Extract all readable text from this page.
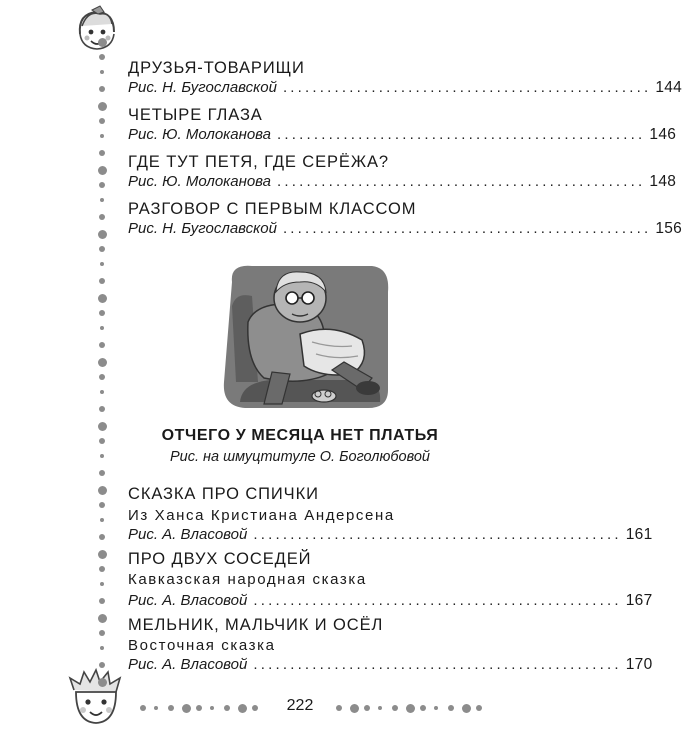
ДРУЗЬЯ-ТОВАРИЩИ
Рис. Н. Бугославской .................................................. 144
ЧЕТЫРЕ ГЛАЗА
Рис. Ю. Молоканова .................................................. 146
ГДЕ ТУТ ПЕТЯ, ГДЕ СЕРЁЖА?
Рис. Ю. Молоканова .................................................. 148
РАЗГОВОР С ПЕРВЫМ КЛАССОМ
Рис. Н. Бугославской .................................................. 156
ОТЧЕГО У МЕСЯЦА НЕТ ПЛАТЬЯ
Рис. на шмуцтитуле О. Боголюбовой
СКАЗКА ПРО СПИЧКИ
Из Ханса Кристиана Андерсена
Рис. А. Власовой .................................................. 161
ПРО ДВУХ СОСЕДЕЙ
Кавказская народная сказка
Рис. А. Власовой .................................................. 167
МЕЛЬНИК, МАЛЬЧИК И ОСЁЛ
Восточная сказка
Рис. А. Власовой .................................................. 170
222
